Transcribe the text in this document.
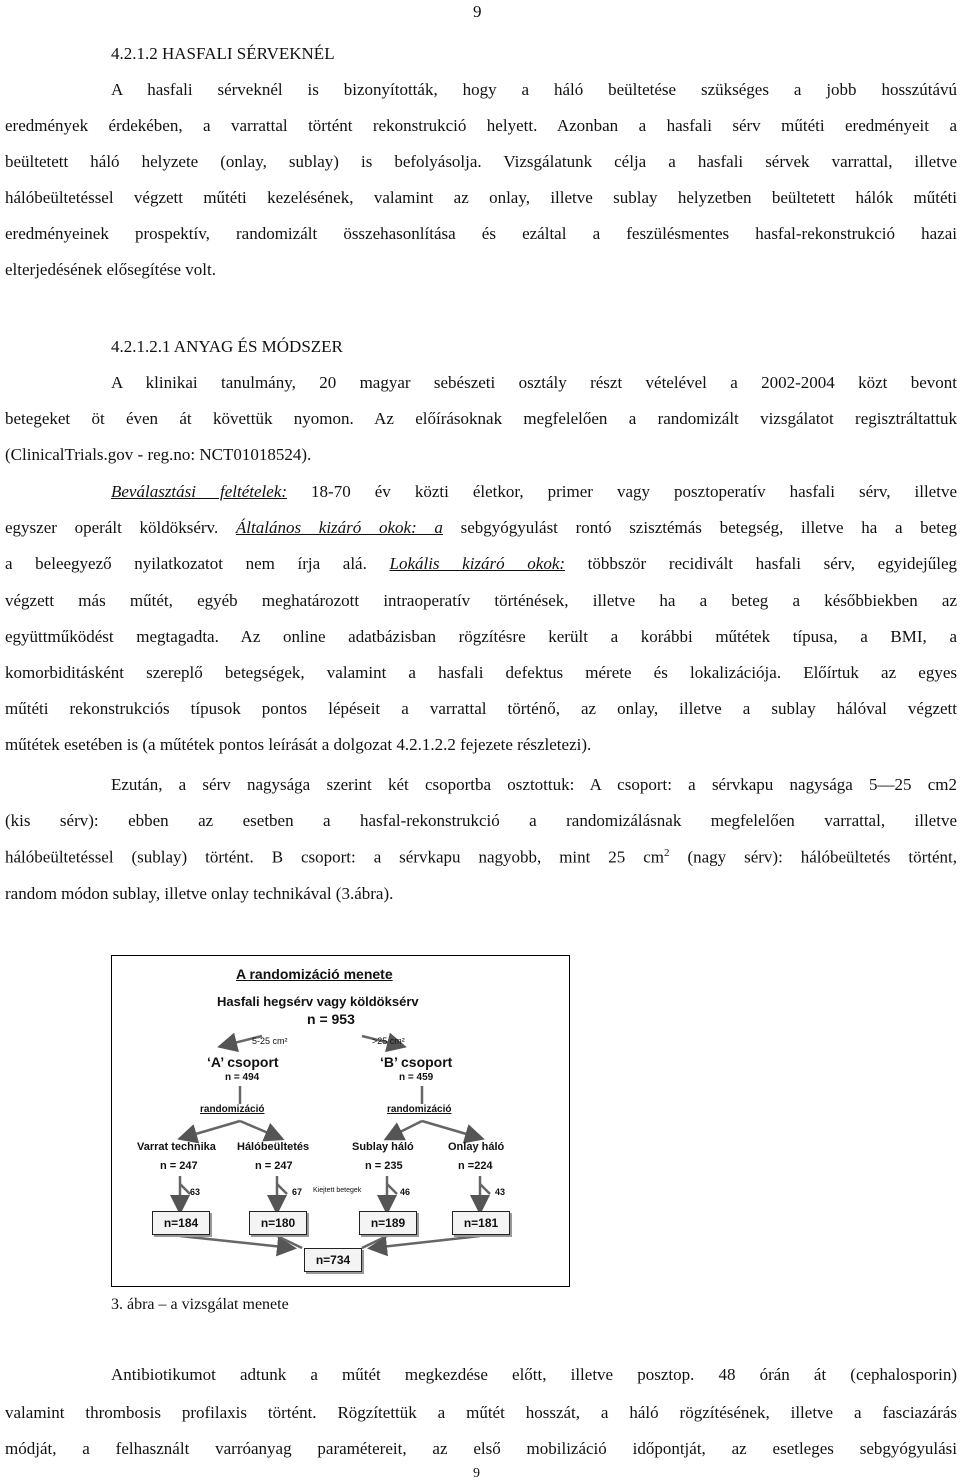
9
4.2.1.2 HASFALI SÉRVEKNÉL
A hasfali sérveknél is bizonyították, hogy a háló beültetése szükséges a jobb hosszútávú
eredmények érdekében, a varrattal történt rekonstrukció helyett. Azonban a hasfali sérv műtéti eredményeit a
beültetett háló helyzete (onlay, sublay) is befolyásolja. Vizsgálatunk célja a hasfali sérvek varrattal, illetve
hálóbeültetéssel végzett műtéti kezelésének, valamint az onlay, illetve sublay helyzetben beültetett hálók műtéti
eredményeinek prospektív, randomizált összehasonlítása és ezáltal a feszülésmentes hasfal-rekonstrukció hazai
elterjedésének elősegítése volt.
4.2.1.2.1 ANYAG ÉS MÓDSZER
A klinikai tanulmány, 20 magyar sebészeti osztály részt vételével a 2002-2004 közt bevont
betegeket öt éven át követtük nyomon. Az előírásoknak megfelelően a randomizált vizsgálatot regisztráltattuk
(ClinicalTrials.gov - reg.no: NCT01018524).
Beválasztási feltételek: 18-70 év közti életkor, primer vagy posztoperatív hasfali sérv, illetve
egyszer operált köldöksérv. Általános kizáró okok: a sebgyógyulást rontó szisztémás betegség, illetve ha a beteg
a beleegyező nyilatkozatot nem írja alá. Lokális kizáró okok: többször recidivált hasfali sérv, egyidejűleg
végzett más műtét, egyéb meghatározott intraoperatív történések, illetve ha a beteg a későbbiekben az
együttműködést megtagadta. Az online adatbázisban rögzítésre került a korábbi műtétek típusa, a BMI, a
komorbiditásként szereplő betegségek, valamint a hasfali defektus mérete és lokalizációja. Előírtuk az egyes
műtéti rekonstrukciós típusok pontos lépéseit a varrattal történő, az onlay, illetve a sublay hálóval végzett
műtétek esetében is (a műtétek pontos leírását a dolgozat 4.2.1.2.2 fejezete részletezi).
Ezután, a sérv nagysága szerint két csoportba osztottuk: A csoport: a sérvkapu nagysága 5—25 cm2
(kis sérv): ebben az esetben a hasfal-rekonstrukció a randomizálásnak megfelelően varrattal, illetve
hálóbeültetéssel (sublay) történt. B csoport: a sérvkapu nagyobb, mint 25 $cm^2$ (nagy sérv): hálóbeültetés történt,
random módon sublay, illetve onlay technikával (3.ábra).
A randomizáció menete
Hasfali hegsérv vagy köldöksérv
n = 953
5-25 cm²	>25 cm²
‘A’ csoport
n = 494
‘B’ csoport
n = 459
randomizáció	randomizáció
Varrat technika
n = 247
Hálóbeültetés
n = 247
Sublay háló
n = 235
Onlay háló
n =224
63	67 Kiejtett betegek	46	43
n=184	n=180	n=189	n=181
n=734
3. ábra – a vizsgálat menete
Antibiotikumot adtunk a műtét megkezdése előtt, illetve posztop. 48 órán át (cephalosporin)
valamint thrombosis profilaxis történt. Rögzítettük a műtét hosszát, a háló rögzítésének, illetve a fasciazárás
módját, a felhasznált varróanyag paramétereit, az első mobilizáció időpontját, az esetleges sebgyógyulási
9
